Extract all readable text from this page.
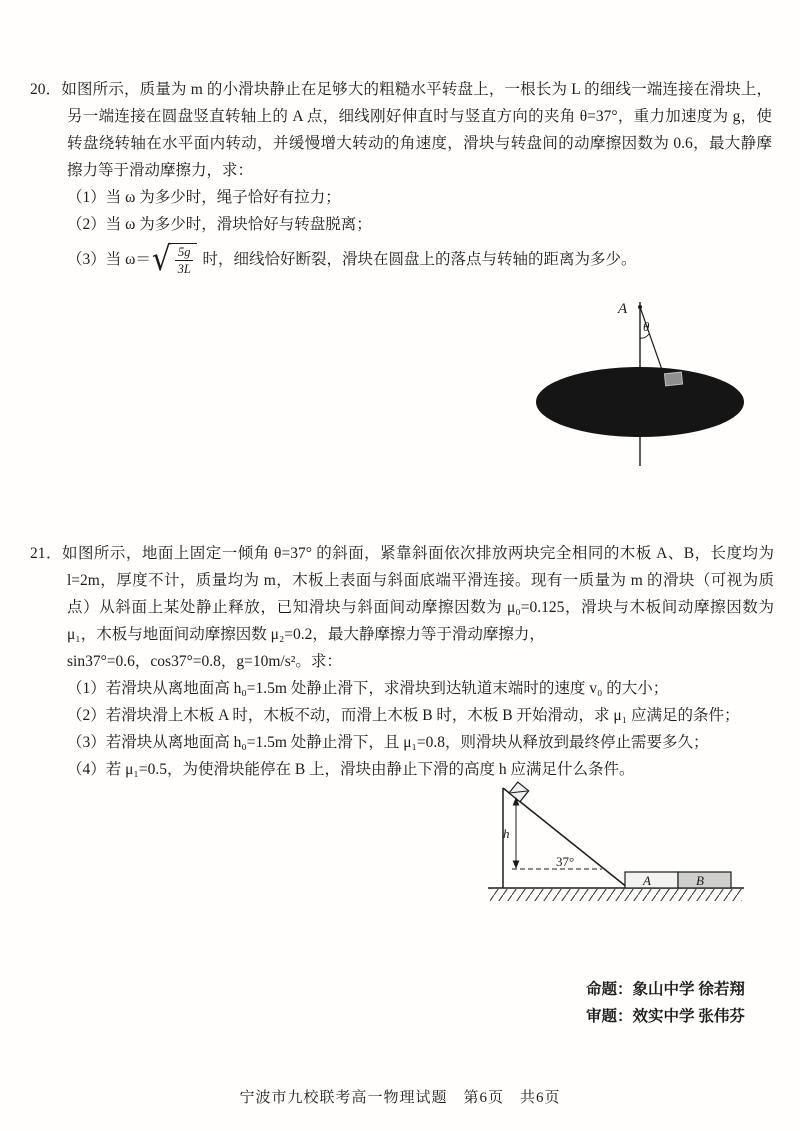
20．如图所示，质量为 m 的小滑块静止在足够大的粗糙水平转盘上，一根长为 L 的细线一端连接在滑块上，另一端连接在圆盘竖直转轴上的 A 点，细线刚好伸直时与竖直方向的夹角 θ=37°，重力加速度为 g，使转盘绕转轴在水平面内转动，并缓慢增大转动的角速度，滑块与转盘间的动摩擦因数为 0.6，最大静摩擦力等于滑动摩擦力，求：

（1）当 ω 为多少时，绳子恰好有拉力；

（2）当 ω 为多少时，滑块恰好与转盘脱离；

（3）当 ω＝ √ $\frac{5g}{3L}$ 时，细线恰好断裂，滑块在圆盘上的落点与转轴的距离为多少。

A
θ

21．如图所示，地面上固定一倾角 θ=37° 的斜面，紧靠斜面依次排放两块完全相同的木板 A、B，长度均为 l=2m，厚度不计，质量均为 m，木板上表面与斜面底端平滑连接。现有一质量为 m 的滑块（可视为质点）从斜面上某处静止释放，已知滑块与斜面间动摩擦因数为 μ₀=0.125，滑块与木板间动摩擦因数为 μ₁，木板与地面间动摩擦因数 μ₂=0.2，最大静摩擦力等于滑动摩擦力，

sin37°=0.6，cos37°=0.8，g=10m/s²。求：

（1）若滑块从离地面高 h₀=1.5m 处静止滑下，求滑块到达轨道末端时的速度 v₀ 的大小；

（2）若滑块滑上木板 A 时，木板不动，而滑上木板 B 时，木板 B 开始滑动，求 μ₁ 应满足的条件；

（3）若滑块从离地面高 h₀=1.5m 处静止滑下，且 μ₁=0.8，则滑块从释放到最终停止需要多久；

（4）若 μ₁=0.5，为使滑块能停在 B 上，滑块由静止下滑的高度 h 应满足什么条件。

h
37°
A	B

命题：象山中学 徐若翔

审题：效实中学 张伟芬

宁波市九校联考高一物理试题　第6页　共6页
